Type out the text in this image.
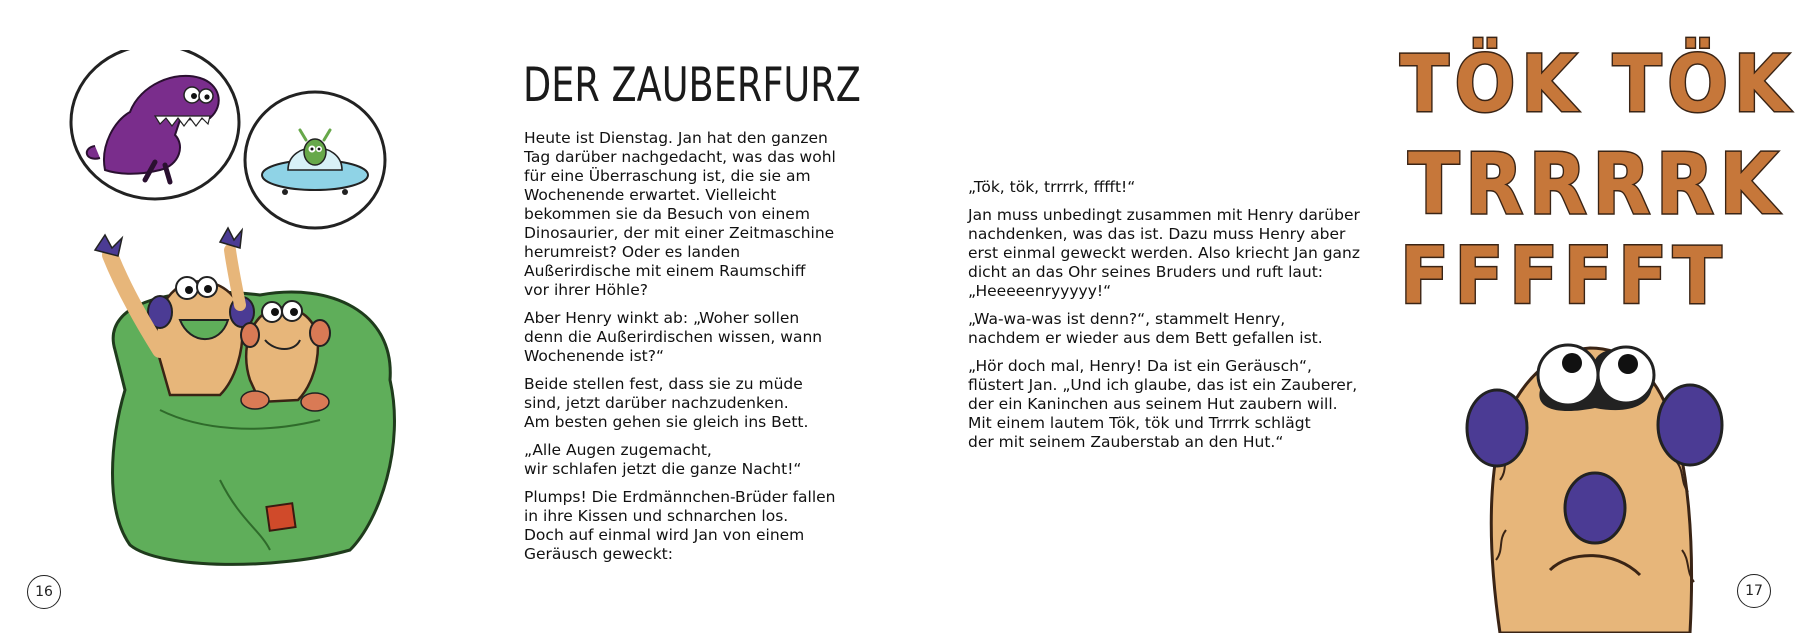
DER ZAUBERFURZ

Heute ist Dienstag. Jan hat den ganzen
Tag darüber nachgedacht, was das wohl
für eine Überraschung ist, die sie am
Wochenende erwartet. Vielleicht
bekommen sie da Besuch von einem
Dinosaurier, der mit einer Zeitmaschine
herumreist? Oder es landen
Außerirdische mit einem Raumschiff
vor ihrer Höhle?

Aber Henry winkt ab: „Woher sollen
denn die Außerirdischen wissen, wann
Wochenende ist?“

Beide stellen fest, dass sie zu müde
sind, jetzt darüber nachzudenken.
Am besten gehen sie gleich ins Bett.

„Alle Augen zugemacht,
wir schlafen jetzt die ganze Nacht!“

Plumps! Die Erdmännchen-Brüder fallen
in ihre Kissen und schnarchen los.
Doch auf einmal wird Jan von einem
Geräusch geweckt:

16

„Tök, tök, trrrrk, fffft!“

Jan muss unbedingt zusammen mit Henry darüber
nachdenken, was das ist. Dazu muss Henry aber
erst einmal geweckt werden. Also kriecht Jan ganz
dicht an das Ohr seines Bruders und ruft laut:
„Heeeeenryyyyy!“

„Wa-wa-was ist denn?“, stammelt Henry,
nachdem er wieder aus dem Bett gefallen ist.

„Hör doch mal, Henry! Da ist ein Geräusch“,
flüstert Jan. „Und ich glaube, das ist ein Zauberer,
der ein Kaninchen aus seinem Hut zaubern will.
Mit einem lautem Tök, tök und Trrrrk schlägt
der mit seinem Zauberstab an den Hut.“

TÖK TÖK
TRRRRK
FFFFFT
17
